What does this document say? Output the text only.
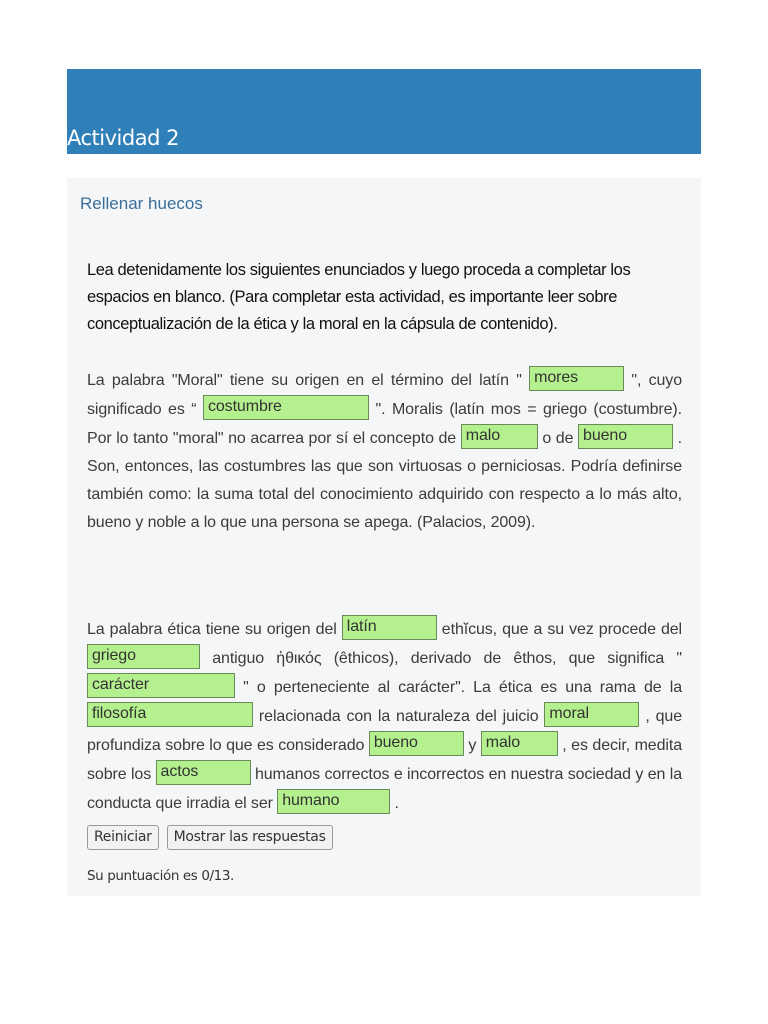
Actividad 2
Rellenar huecos
Lea detenidamente los siguientes enunciados y luego proceda a completar los espacios en blanco. (Para completar esta actividad, es importante leer sobre conceptualización de la ética y la moral en la cápsula de contenido).
La palabra "Moral" tiene su origen en el término del latín " mores	", cuyo significado es “ costumbre	". Moralis (latín mos = griego (costumbre). Por lo tanto "moral" no acarrea por sí el concepto de malo o de bueno	. Son, entonces, las costumbres las que son virtuosas o perniciosas. Podría definirse también como: la suma total del conocimiento adquirido con respecto a lo más alto, bueno y noble a lo que una persona se apega. (Palacios, 2009).
La palabra ética tiene su origen del latín	ethĭcus, que a su vez procede del griego	antiguo ἠθικός (êthicos), derivado de êthos, que significa " carácter	" o perteneciente al carácter". La ética es una rama de la filosofía	relacionada con la naturaleza del juicio moral	, que profundiza sobre lo que es considerado bueno	y malo , es decir, medita sobre los actos	humanos correctos e incorrectos en nuestra sociedad y en la conducta que irradia el ser humano	.
Reiniciar Mostrar las respuestas
Su puntuación es 0/13.
